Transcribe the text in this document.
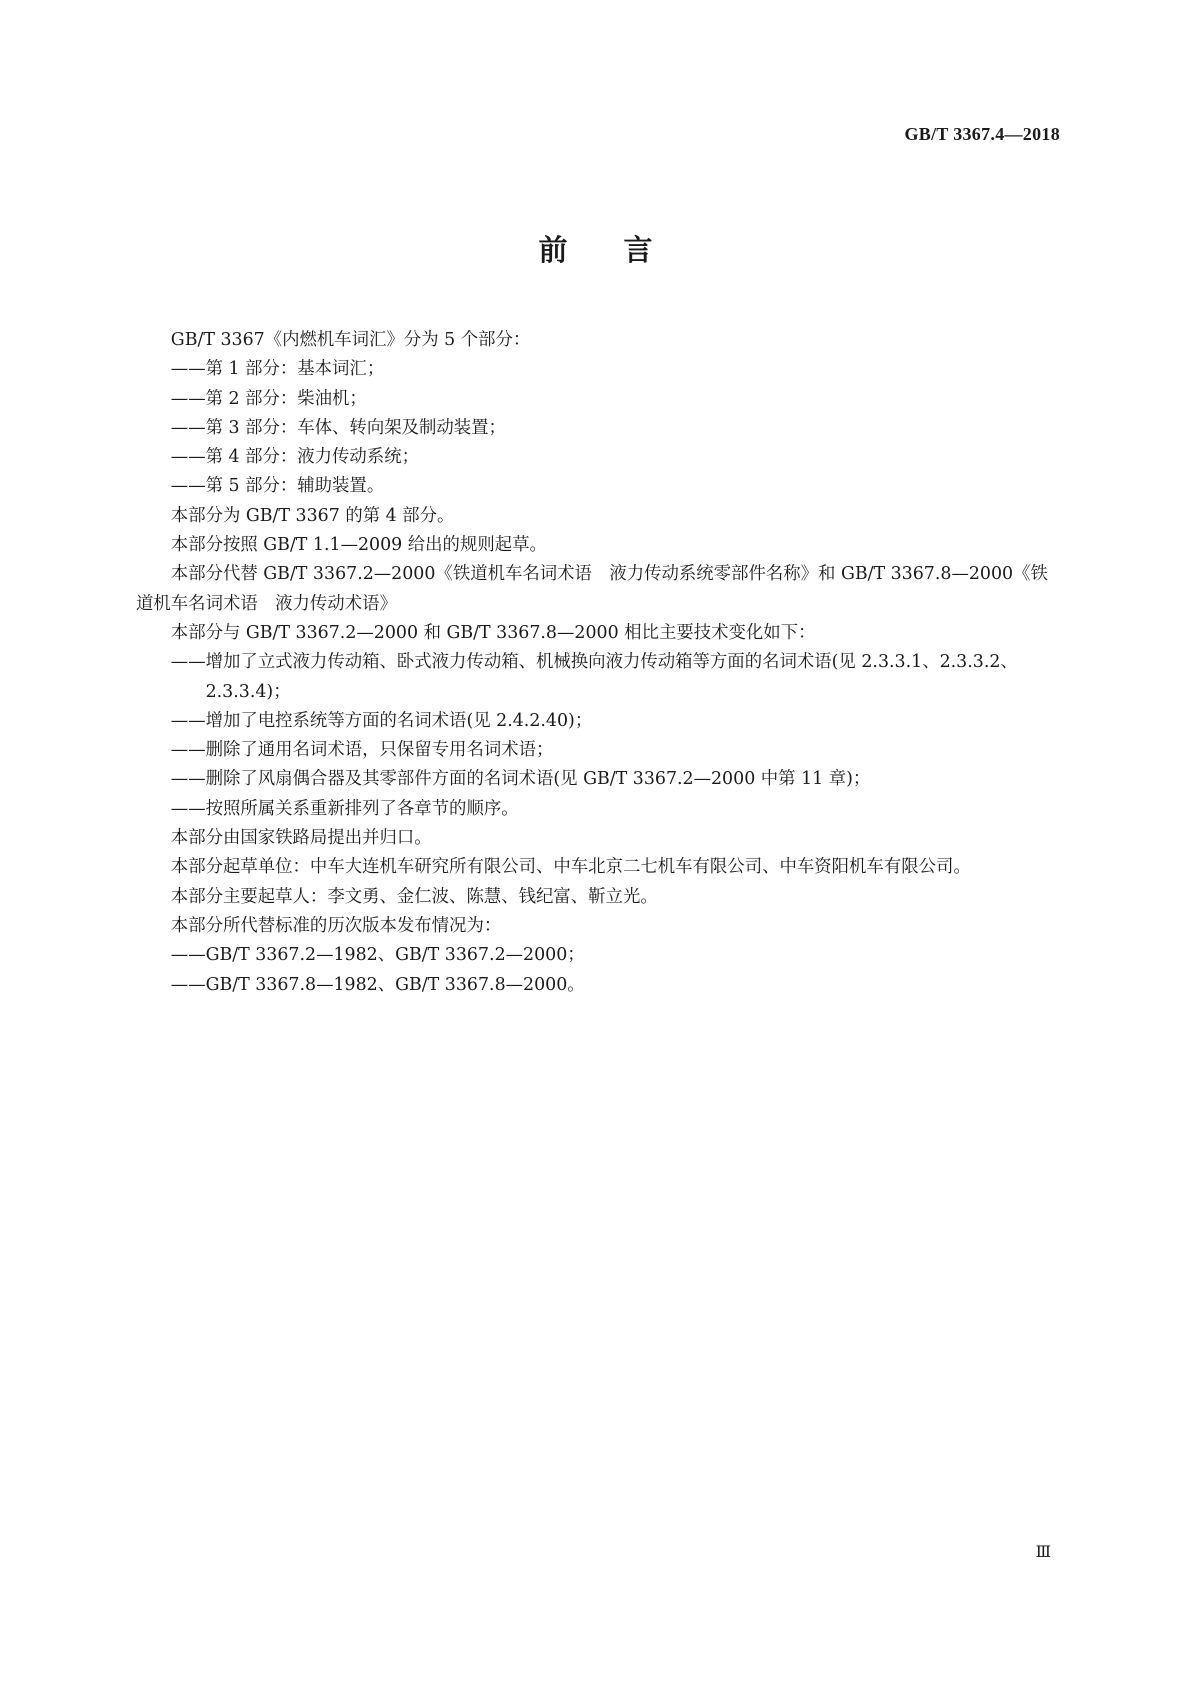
GB/T 3367.4—2018
前言

GB/T 3367《内燃机车词汇》分为 5 个部分：

——第 1 部分：基本词汇；

——第 2 部分：柴油机；

——第 3 部分：车体、转向架及制动装置；

——第 4 部分：液力传动系统；

——第 5 部分：辅助装置。

本部分为 GB/T 3367 的第 4 部分。

本部分按照 GB/T 1.1—2009 给出的规则起草。

本部分代替 GB/T 3367.2—2000《铁道机车名词术语　液力传动系统零部件名称》和 GB/T 3367.8—2000《铁道机车名词术语　液力传动术语》

本部分与 GB/T 3367.2—2000 和 GB/T 3367.8—2000 相比主要技术变化如下：

——增加了立式液力传动箱、卧式液力传动箱、机械换向液力传动箱等方面的名词术语(见 2.3.3.1、2.3.3.2、2.3.3.4)；

——增加了电控系统等方面的名词术语(见 2.4.2.40)；

——删除了通用名词术语，只保留专用名词术语；

——删除了风扇偶合器及其零部件方面的名词术语(见 GB/T 3367.2—2000 中第 11 章)；

——按照所属关系重新排列了各章节的顺序。

本部分由国家铁路局提出并归口。

本部分起草单位：中车大连机车研究所有限公司、中车北京二七机车有限公司、中车资阳机车有限公司。

本部分主要起草人：李文勇、金仁波、陈慧、钱纪富、靳立光。

本部分所代替标准的历次版本发布情况为：

——GB/T 3367.2—1982、GB/T 3367.2—2000；

——GB/T 3367.8—1982、GB/T 3367.8—2000。

Ⅲ
